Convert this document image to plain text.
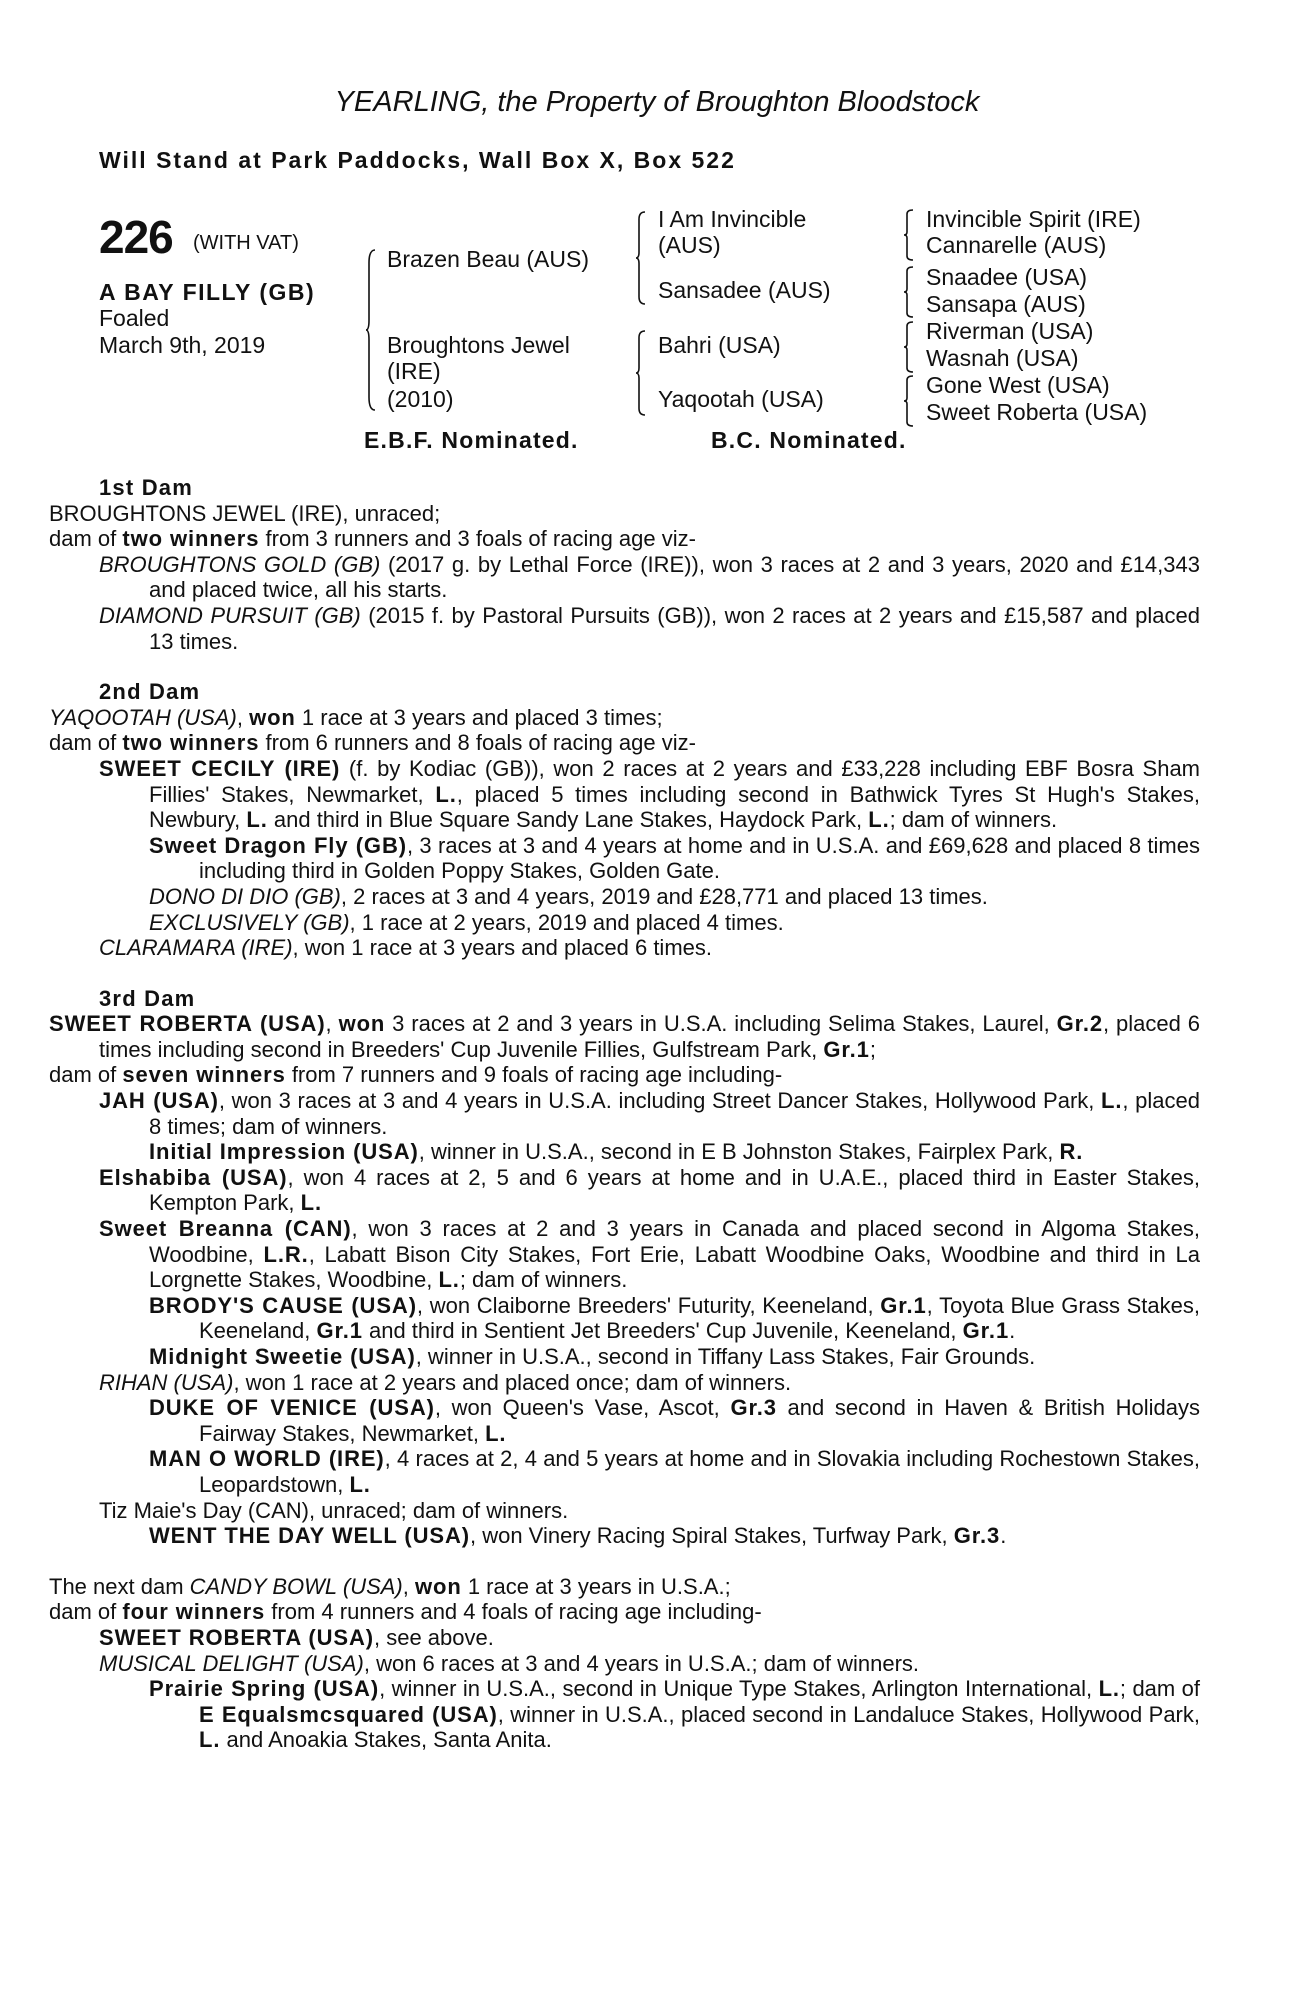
YEARLING, the Property of Broughton Bloodstock
Will Stand at Park Paddocks, Wall Box X, Box 522
226 (WITH VAT)
A BAY FILLY (GB)
Foaled
March 9th, 2019
Brazen Beau (AUS)
Broughtons Jewel
(IRE)
(2010)
I Am Invincible
(AUS)
Sansadee (AUS)
Bahri (USA)
Yaqootah (USA)
Invincible Spirit (IRE)
Cannarelle (AUS)
Snaadee (USA)
Sansapa (AUS)
Riverman (USA)
Wasnah (USA)
Gone West (USA)
Sweet Roberta (USA)
E.B.F. Nominated.	B.C. Nominated.
1st Dam
BROUGHTONS JEWEL (IRE), unraced;
dam of two winners from 3 runners and 3 foals of racing age viz-
BROUGHTONS GOLD (GB) (2017 g. by Lethal Force (IRE)), won 3 races at 2 and 3 years, 2020 and £14,343 and placed twice, all his starts.
DIAMOND PURSUIT (GB) (2015 f. by Pastoral Pursuits (GB)), won 2 races at 2 years and £15,587 and placed 13 times.
2nd Dam
YAQOOTAH (USA), won 1 race at 3 years and placed 3 times;
dam of two winners from 6 runners and 8 foals of racing age viz-
SWEET CECILY (IRE) (f. by Kodiac (GB)), won 2 races at 2 years and £33,228 including EBF Bosra Sham Fillies' Stakes, Newmarket, L., placed 5 times including second in Bathwick Tyres St Hugh's Stakes, Newbury, L. and third in Blue Square Sandy Lane Stakes, Haydock Park, L.; dam of winners.
Sweet Dragon Fly (GB), 3 races at 3 and 4 years at home and in U.S.A. and £69,628 and placed 8 times including third in Golden Poppy Stakes, Golden Gate.
DONO DI DIO (GB), 2 races at 3 and 4 years, 2019 and £28,771 and placed 13 times.
EXCLUSIVELY (GB), 1 race at 2 years, 2019 and placed 4 times.
CLARAMARA (IRE), won 1 race at 3 years and placed 6 times.
3rd Dam
SWEET ROBERTA (USA), won 3 races at 2 and 3 years in U.S.A. including Selima Stakes, Laurel, Gr.2, placed 6 times including second in Breeders' Cup Juvenile Fillies, Gulfstream Park, Gr.1;
dam of seven winners from 7 runners and 9 foals of racing age including-
JAH (USA), won 3 races at 3 and 4 years in U.S.A. including Street Dancer Stakes, Hollywood Park, L., placed 8 times; dam of winners.
Initial Impression (USA), winner in U.S.A., second in E B Johnston Stakes, Fairplex Park, R.
Elshabiba (USA), won 4 races at 2, 5 and 6 years at home and in U.A.E., placed third in Easter Stakes, Kempton Park, L.
Sweet Breanna (CAN), won 3 races at 2 and 3 years in Canada and placed second in Algoma Stakes, Woodbine, L.R., Labatt Bison City Stakes, Fort Erie, Labatt Woodbine Oaks, Woodbine and third in La Lorgnette Stakes, Woodbine, L.; dam of winners.
BRODY'S CAUSE (USA), won Claiborne Breeders' Futurity, Keeneland, Gr.1, Toyota Blue Grass Stakes, Keeneland, Gr.1 and third in Sentient Jet Breeders' Cup Juvenile, Keeneland, Gr.1.
Midnight Sweetie (USA), winner in U.S.A., second in Tiffany Lass Stakes, Fair Grounds.
RIHAN (USA), won 1 race at 2 years and placed once; dam of winners.
DUKE OF VENICE (USA), won Queen's Vase, Ascot, Gr.3 and second in Haven & British Holidays Fairway Stakes, Newmarket, L.
MAN O WORLD (IRE), 4 races at 2, 4 and 5 years at home and in Slovakia including Rochestown Stakes, Leopardstown, L.
Tiz Maie's Day (CAN), unraced; dam of winners.
WENT THE DAY WELL (USA), won Vinery Racing Spiral Stakes, Turfway Park, Gr.3.
The next dam CANDY BOWL (USA), won 1 race at 3 years in U.S.A.;
dam of four winners from 4 runners and 4 foals of racing age including-
SWEET ROBERTA (USA), see above.
MUSICAL DELIGHT (USA), won 6 races at 3 and 4 years in U.S.A.; dam of winners.
Prairie Spring (USA), winner in U.S.A., second in Unique Type Stakes, Arlington International, L.; dam of E Equalsmcsquared (USA), winner in U.S.A., placed second in Landaluce Stakes, Hollywood Park, L. and Anoakia Stakes, Santa Anita.
